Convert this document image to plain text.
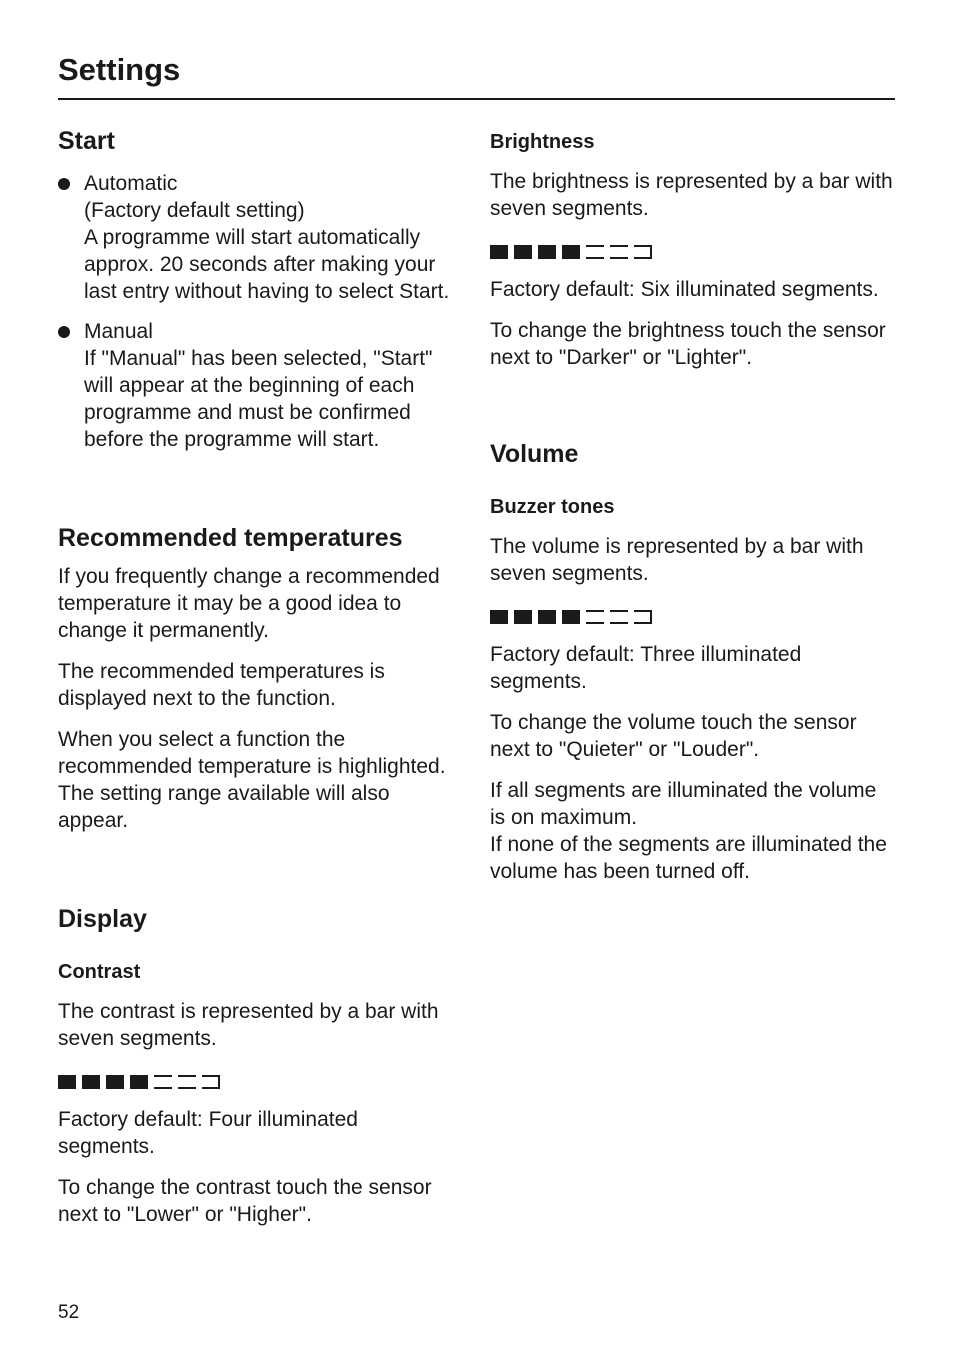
Settings
Start
Automatic
(Factory default setting)
A programme will start automatically approx. 20 seconds after making your last entry without having to select Start.
Manual
If "Manual" has been selected, "Start" will appear at the beginning of each programme and must be confirmed before the programme will start.
Recommended temperatures

If you frequently change a recommended temperature it may be a good idea to change it permanently.

The recommended temperatures is displayed next to the function.

When you select a function the recommended temperature is highlighted.

The setting range available will also appear.

Display
Contrast

The contrast is represented by a bar with seven segments.

Factory default: Four illuminated segments.

To change the contrast touch the sensor next to "Lower" or "Higher".

Brightness

The brightness is represented by a bar with seven segments.

Factory default: Six illuminated segments.

To change the brightness touch the sensor next to "Darker" or "Lighter".

Volume
Buzzer tones

The volume is represented by a bar with seven segments.

Factory default: Three illuminated segments.

To change the volume touch the sensor next to "Quieter" or "Louder".

If all segments are illuminated the volume is on maximum.

If none of the segments are illuminated the volume has been turned off.

52
